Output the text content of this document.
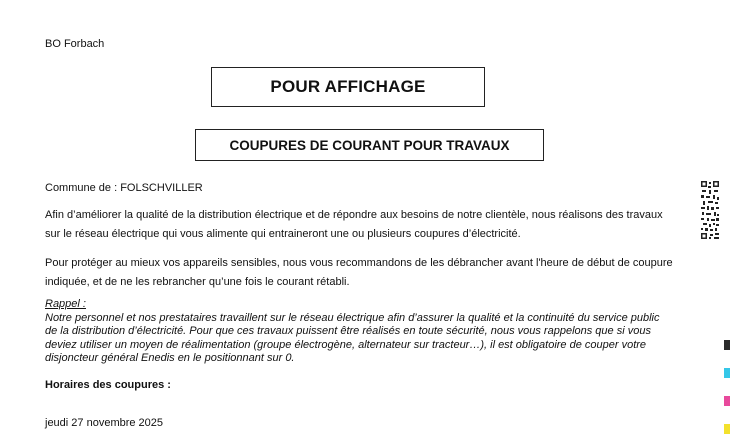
BO Forbach
POUR AFFICHAGE
COUPURES DE COURANT POUR TRAVAUX
Commune de : FOLSCHVILLER
Afin d’améliorer la qualité de la distribution électrique et de répondre aux besoins de notre clientèle, nous réalisons des travaux
sur le réseau électrique qui vous alimente qui entraineront une ou plusieurs coupures d’électricité.
Pour protéger au mieux vos appareils sensibles, nous vous recommandons de les débrancher avant l'heure de début de coupure
indiquée, et de ne les rebrancher qu’une fois le courant rétabli.
Rappel :
Notre personnel et nos prestataires travaillent sur le réseau électrique afin d’assurer la qualité et la continuité du service public
de la distribution d’électricité. Pour que ces travaux puissent être réalisés en toute sécurité, nous vous rappelons que si vous
deviez utiliser un moyen de réalimentation (groupe électrogène, alternateur sur tracteur…), il est obligatoire de couper votre
disjoncteur général Enedis en le positionnant sur 0.
Horaires des coupures :
jeudi 27 novembre 2025
